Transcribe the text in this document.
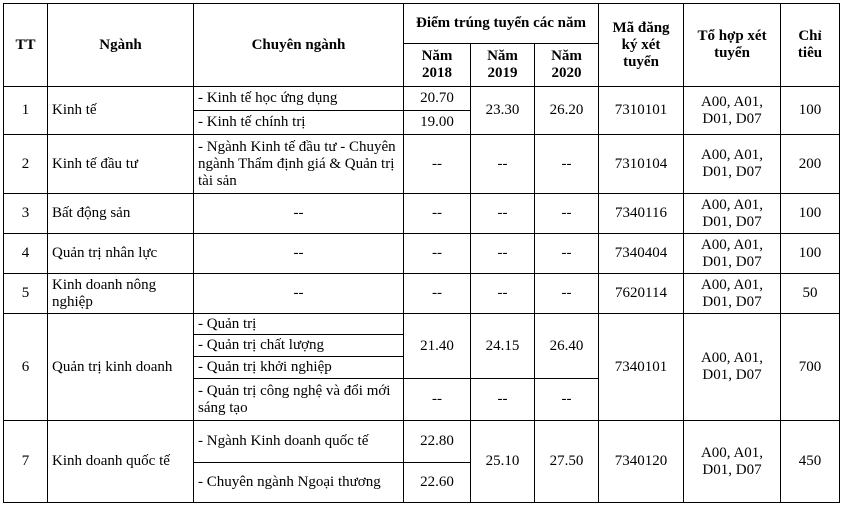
TT	Ngành	Chuyên ngành	Điểm trúng tuyển các năm			Mã đăng ký xét tuyển	Tổ hợp xét tuyển	Chỉ tiêu
			Năm 2018	Năm 2019	Năm 2020			
1	Kinh tế	- Kinh tế học ứng dụng	20.70	23.30	26.20	7310101	A00, A01, D01, D07	100
		- Kinh tế chính trị	19.00					
2	Kinh tế đầu tư	- Ngành Kinh tế đầu tư - Chuyên ngành Thẩm định giá & Quản trị tài sản	--	--	--	7310104	A00, A01, D01, D07	200
3	Bất động sản	--	--	--	--	7340116	A00, A01, D01, D07	100
4	Quản trị nhân lực	--	--	--	--	7340404	A00, A01, D01, D07	100
5	Kinh doanh nông nghiệp	--	--	--	--	7620114	A00, A01, D01, D07	50
6	Quản trị kinh doanh	- Quản trị	21.40	24.15	26.40	7340101	A00, A01, D01, D07	700
		- Quản trị chất lượng						
		- Quản trị khởi nghiệp						
		- Quản trị công nghệ và đổi mới sáng tạo	--	--	--			
7	Kinh doanh quốc tế	- Ngành Kinh doanh quốc tế	22.80	25.10	27.50	7340120	A00, A01, D01, D07	450
		- Chuyên ngành Ngoại thương	22.60					
